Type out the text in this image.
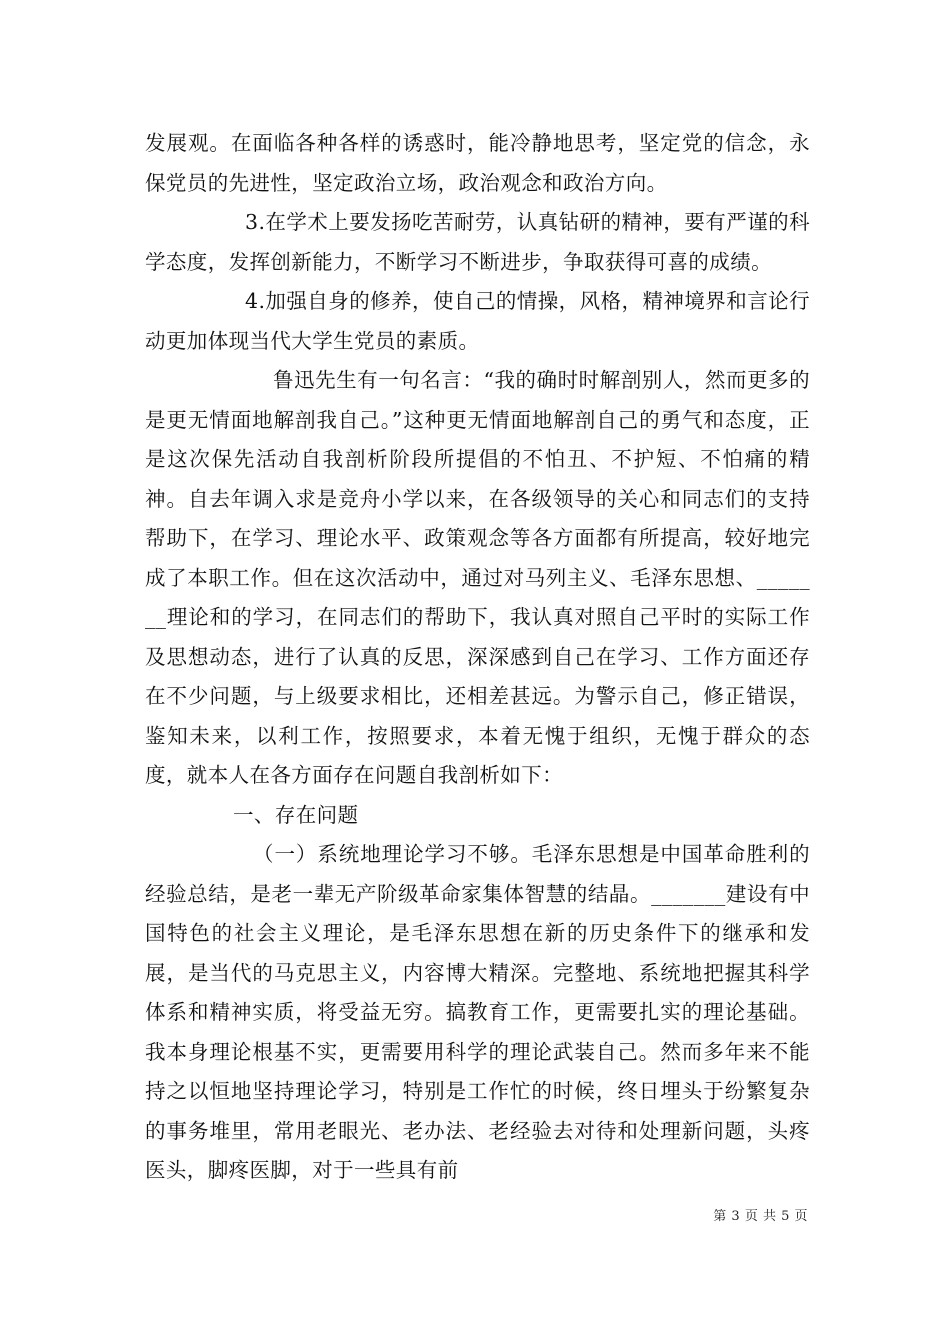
发展观。在面临各种各样的诱惑时，能冷静地思考，坚定党的信念，永保党员的先进性，坚定政治立场，政治观念和政治方向。

3.在学术上要发扬吃苦耐劳，认真钻研的精神，要有严谨的科学态度，发挥创新能力，不断学习不断进步，争取获得可喜的成绩。

4.加强自身的修养，使自己的情操，风格，精神境界和言论行动更加体现当代大学生党员的素质。

鲁迅先生有一句名言：“我的确时时解剖别人，然而更多的是更无情面地解剖我自己。”这种更无情面地解剖自己的勇气和态度，正是这次保先活动自我剖析阶段所提倡的不怕丑、不护短、不怕痛的精神。自去年调入求是竞舟小学以来，在各级领导的关心和同志们的支持帮助下，在学习、理论水平、政策观念等各方面都有所提高，较好地完成了本职工作。但在这次活动中，通过对马列主义、毛泽东思想、_______理论和的学习，在同志们的帮助下，我认真对照自己平时的实际工作及思想动态，进行了认真的反思，深深感到自己在学习、工作方面还存在不少问题，与上级要求相比，还相差甚远。为警示自己，修正错误，鉴知未来，以利工作，按照要求，本着无愧于组织，无愧于群众的态度，就本人在各方面存在问题自我剖析如下：

一、存在问题

（一）系统地理论学习不够。毛泽东思想是中国革命胜利的经验总结，是老一辈无产阶级革命家集体智慧的结晶。_______建设有中国特色的社会主义理论，是毛泽东思想在新的历史条件下的继承和发展，是当代的马克思主义，内容博大精深。完整地、系统地把握其科学体系和精神实质，将受益无穷。搞教育工作，更需要扎实的理论基础。我本身理论根基不实，更需要用科学的理论武装自己。然而多年来不能持之以恒地坚持理论学习，特别是工作忙的时候，终日埋头于纷繁复杂的事务堆里，常用老眼光、老办法、老经验去对待和处理新问题，头疼医头，脚疼医脚，对于一些具有前

第 3 页 共 5 页
